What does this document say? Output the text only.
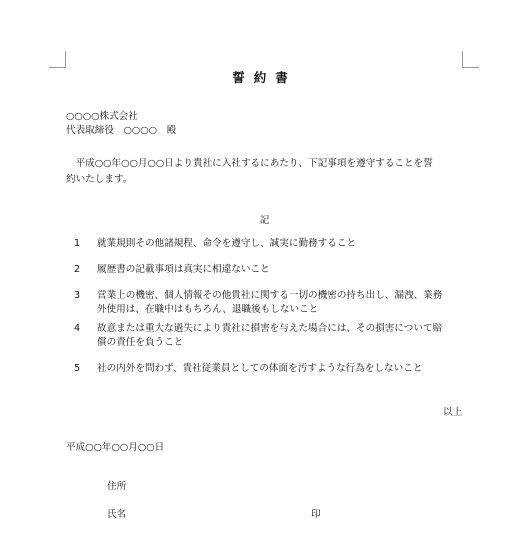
誓約書
○○○○株式会社
代表取締役　○○○○　殿
　平成○○年○○月○○日より貴社に入社するにあたり、下記事項を遵守することを誓
約いたします。
記
1	就業規則その他諸規程、命令を遵守し、誠実に勤務すること
2	履歴書の記載事項は真実に相違ないこと
3	営業上の機密、個人情報その他貴社に関する一切の機密の持ち出し、漏洩、業務
外使用は、在職中はもちろん、退職後もしないこと
4	故意または重大な過失により貴社に損害を与えた場合には、その損害について賠
償の責任を負うこと
5	社の内外を問わず、貴社従業員としての体面を汚すような行為をしないこと
以上
平成○○年○○月○○日
住所
氏名	印
